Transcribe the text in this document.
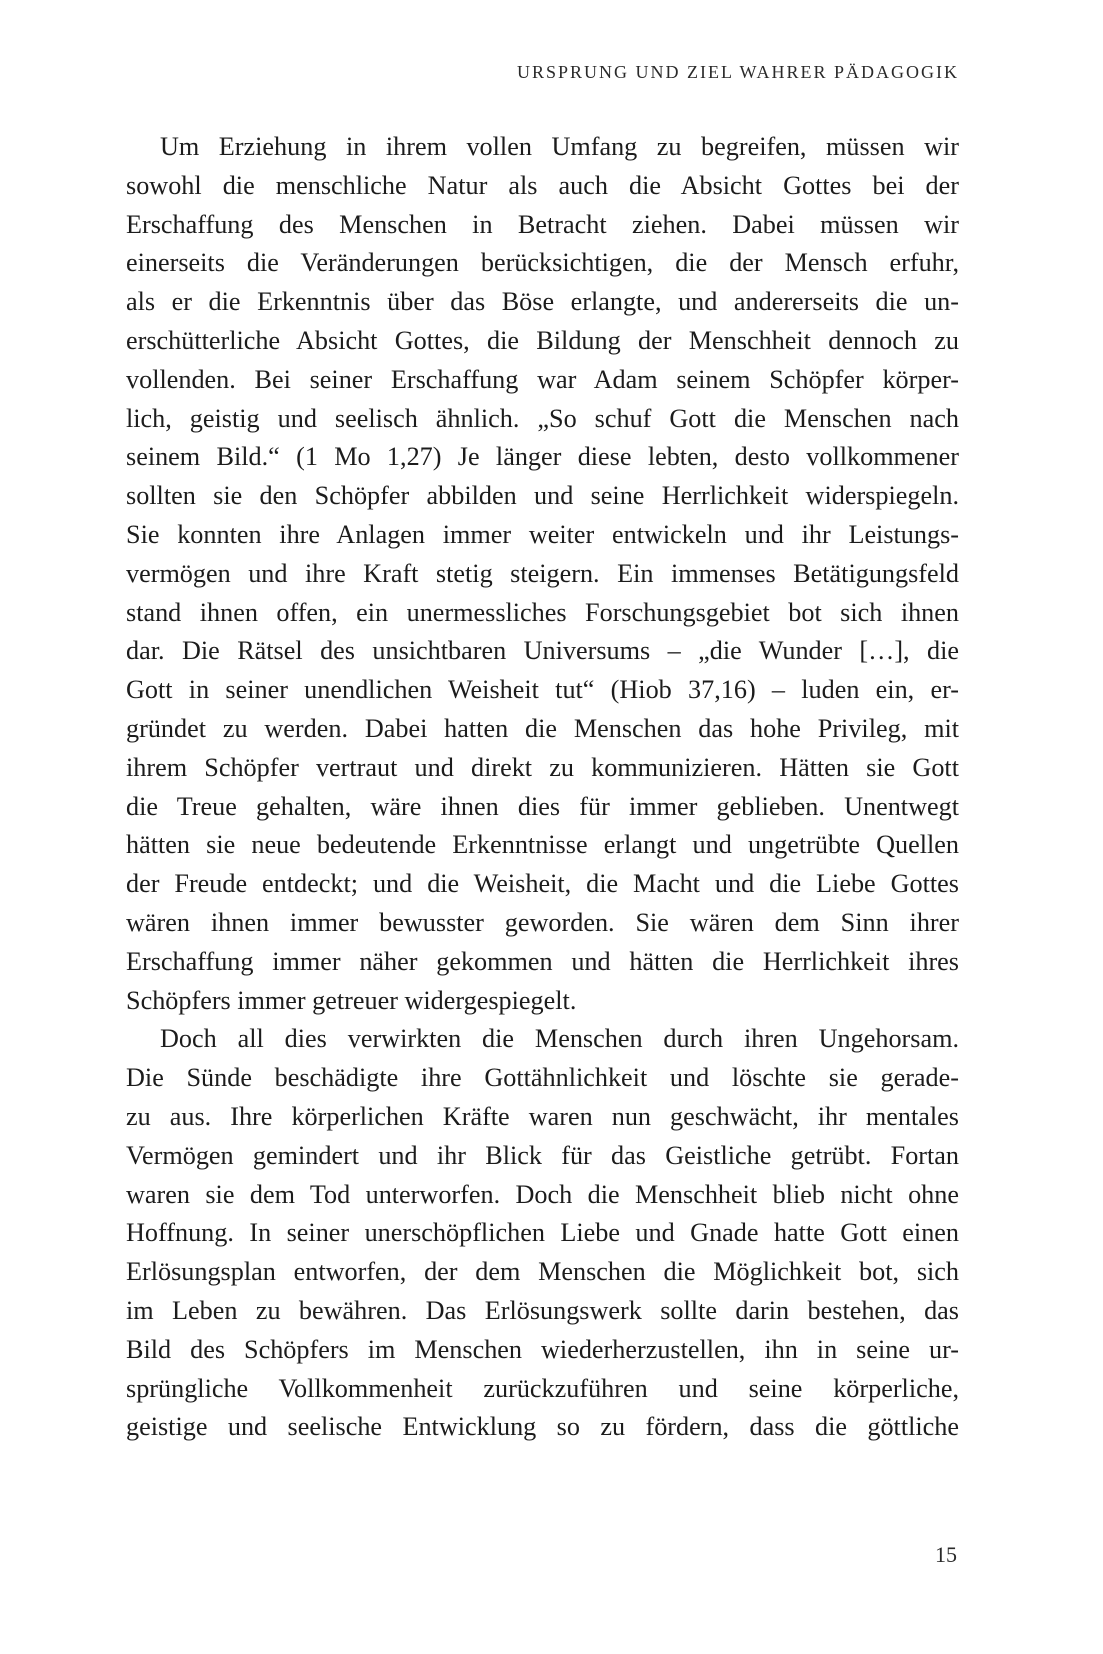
URSPRUNG UND ZIEL WAHRER PÄDAGOGIK
Um Erziehung in ihrem vollen Umfang zu begreifen, müssen wir
sowohl die menschliche Natur als auch die Absicht Gottes bei der
Erschaffung des Menschen in Betracht ziehen. Dabei müssen wir
einerseits die Veränderungen berücksichtigen, die der Mensch erfuhr,
als er die Erkenntnis über das Böse erlangte, und andererseits die un-
erschütterliche Absicht Gottes, die Bildung der Menschheit dennoch zu
vollenden. Bei seiner Erschaffung war Adam seinem Schöpfer körper-
lich, geistig und seelisch ähnlich. „So schuf Gott die Menschen nach
seinem Bild.“ (1 Mo 1,27) Je länger diese lebten, desto vollkommener
sollten sie den Schöpfer abbilden und seine Herrlichkeit widerspiegeln.
Sie konnten ihre Anlagen immer weiter entwickeln und ihr Leistungs-
vermögen und ihre Kraft stetig steigern. Ein immenses Betätigungsfeld
stand ihnen offen, ein unermessliches Forschungsgebiet bot sich ihnen
dar. Die Rätsel des unsichtbaren Universums – „die Wunder […], die
Gott in seiner unendlichen Weisheit tut“ (Hiob 37,16) – luden ein, er-
gründet zu werden. Dabei hatten die Menschen das hohe Privileg, mit
ihrem Schöpfer vertraut und direkt zu kommunizieren. Hätten sie Gott
die Treue gehalten, wäre ihnen dies für immer geblieben. Unentwegt
hätten sie neue bedeutende Erkenntnisse erlangt und ungetrübte Quellen
der Freude entdeckt; und die Weisheit, die Macht und die Liebe Gottes
wären ihnen immer bewusster geworden. Sie wären dem Sinn ihrer
Erschaffung immer näher gekommen und hätten die Herrlichkeit ihres
Schöpfers immer getreuer widergespiegelt.
Doch all dies verwirkten die Menschen durch ihren Ungehorsam.
Die Sünde beschädigte ihre Gottähnlichkeit und löschte sie gerade-
zu aus. Ihre körperlichen Kräfte waren nun geschwächt, ihr mentales
Vermögen gemindert und ihr Blick für das Geistliche getrübt. Fortan
waren sie dem Tod unterworfen. Doch die Menschheit blieb nicht ohne
Hoffnung. In seiner unerschöpflichen Liebe und Gnade hatte Gott einen
Erlösungsplan entworfen, der dem Menschen die Möglichkeit bot, sich
im Leben zu bewähren. Das Erlösungswerk sollte darin bestehen, das
Bild des Schöpfers im Menschen wiederherzustellen, ihn in seine ur-
sprüngliche Vollkommenheit zurückzuführen und seine körperliche,
geistige und seelische Entwicklung so zu fördern, dass die göttliche
15
